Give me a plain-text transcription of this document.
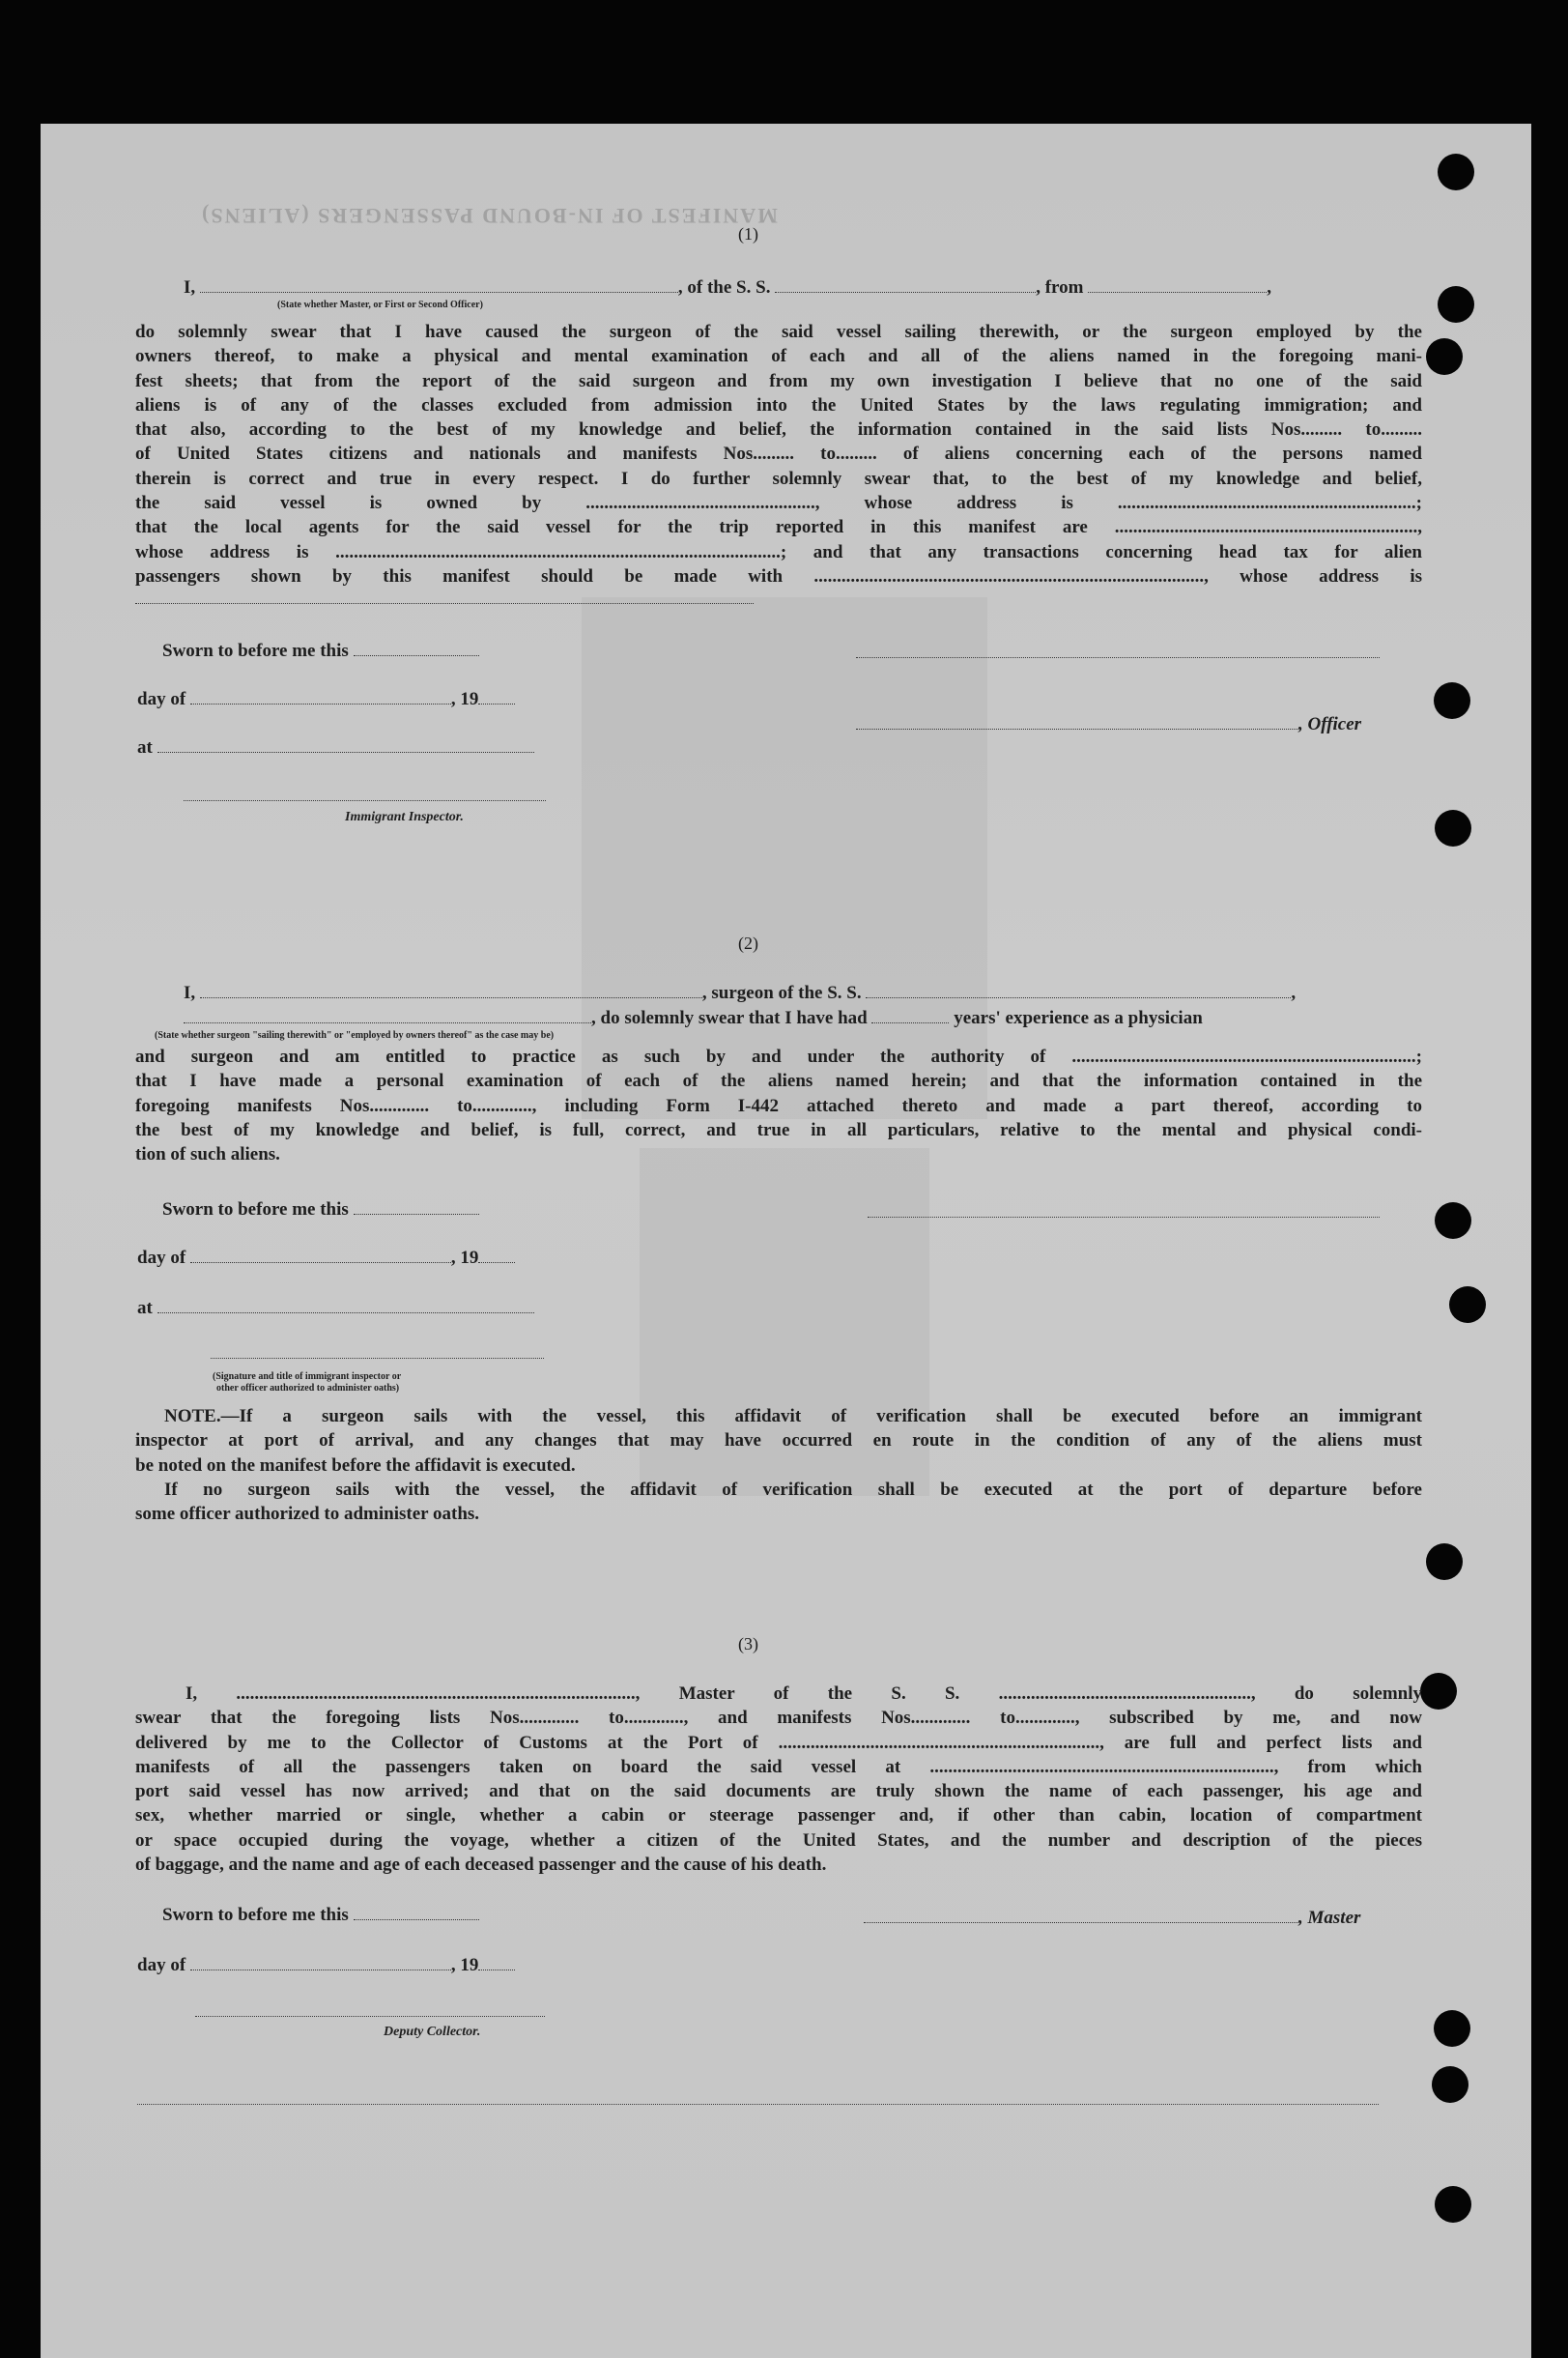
MANIFEST OF IN-BOUND PASSENGERS (ALIENS)
(1)
I,	, of the S. S.	, from	,
(State whether Master, or First or Second Officer)
do solemnly swear that I have caused the surgeon of the said vessel sailing therewith, or the surgeon employed by the
owners thereof, to make a physical and mental examination of each and all of the aliens named in the foregoing mani-
fest sheets; that from the report of the said surgeon and from my own investigation I believe that no one of the said
aliens is of any of the classes excluded from admission into the United States by the laws regulating immigration; and
that also, according to the best of my knowledge and belief, the information contained in the said lists Nos......... to.........
of United States citizens and nationals and manifests Nos......... to......... of aliens concerning each of the persons named
therein is correct and true in every respect. I do further solemnly swear that, to the best of my knowledge and belief,
the said vessel is owned by .................................................., whose address is .................................................................;
that the local agents for the said vessel for the trip reported in this manifest are ..................................................................,
whose address is .................................................................................................; and that any transactions concerning head tax for alien
passengers shown by this manifest should be made with ....................................................................................., whose address is
Sworn to before me this
day of	, 19
, Officer
at
Immigrant Inspector.
(2)
I,	, surgeon of the S. S.	,
, do solemnly swear that I have had	years' experience as a physician
(State whether surgeon "sailing therewith" or "employed by owners thereof" as the case may be)
and surgeon and am entitled to practice as such by and under the authority of ...........................................................................;
that I have made a personal examination of each of the aliens named herein; and that the information contained in the
foregoing manifests Nos............. to............., including Form I-442 attached thereto and made a part thereof, according to
the best of my knowledge and belief, is full, correct, and true in all particulars, relative to the mental and physical condi-
tion of such aliens.
Sworn to before me this
day of	, 19
at
(Signature and title of immigrant inspector or
other officer authorized to administer oaths)
NOTE.—If a surgeon sails with the vessel, this affidavit of verification shall be executed before an immigrant
inspector at port of arrival, and any changes that may have occurred en route in the condition of any of the aliens must
be noted on the manifest before the affidavit is executed.
If no surgeon sails with the vessel, the affidavit of verification shall be executed at the port of departure before
some officer authorized to administer oaths.
(3)
I, ......................................................................................., Master of the S. S. ......................................................., do solemnly
swear that the foregoing lists Nos............. to............., and manifests Nos............. to............., subscribed by me, and now
delivered by me to the Collector of Customs at the Port of ......................................................................, are full and perfect lists and
manifests of all the passengers taken on board the said vessel at ..........................................................................., from which
port said vessel has now arrived; and that on the said documents are truly shown the name of each passenger, his age and
sex, whether married or single, whether a cabin or steerage passenger and, if other than cabin, location of compartment
or space occupied during the voyage, whether a citizen of the United States, and the number and description of the pieces
of baggage, and the name and age of each deceased passenger and the cause of his death.
Sworn to before me this	, Master
day of	, 19
Deputy Collector.
